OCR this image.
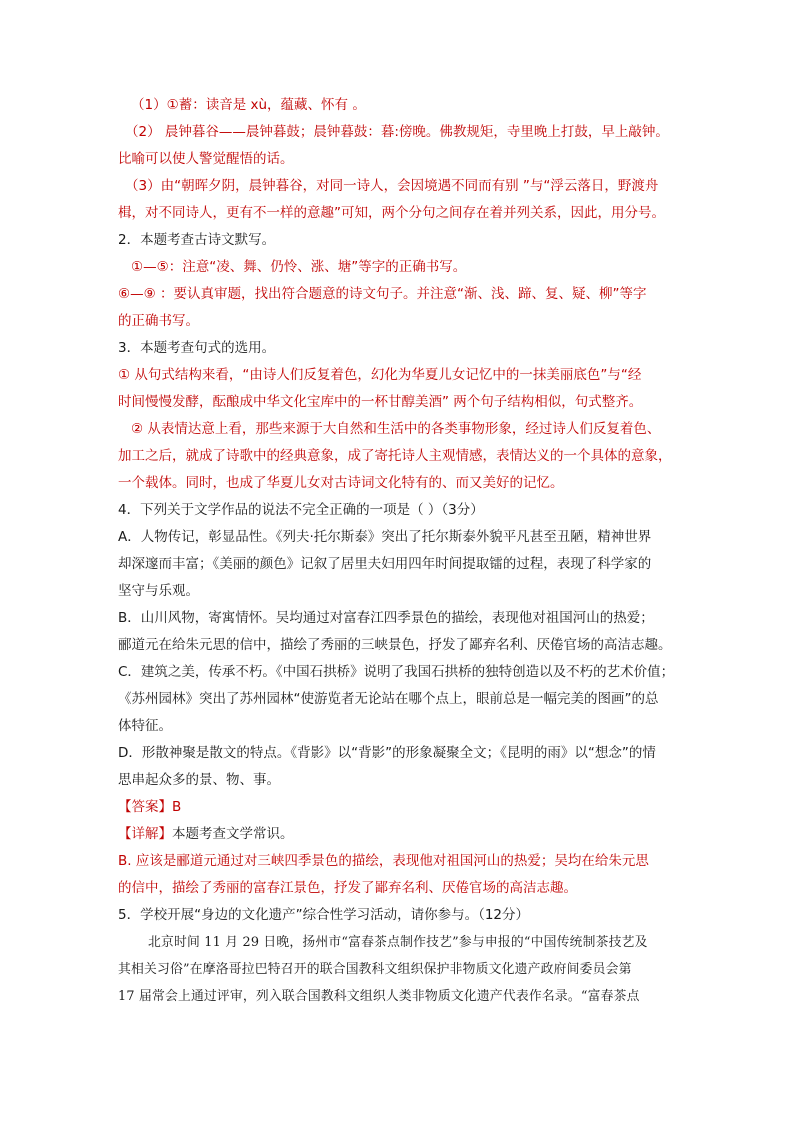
（1）①蓄：读音是 xù，蕴藏、怀有 。
（2） 晨钟暮谷——晨钟暮鼓；晨钟暮鼓：暮:傍晚。佛教规矩，寺里晚上打鼓，早上敲钟。
比喻可以使人警觉醒悟的话。
（3）由“朝晖夕阴，晨钟暮谷，对同一诗人，会因境遇不同而有别 ”与“浮云落日，野渡舟
楫，对不同诗人，更有不一样的意趣”可知，两个分句之间存在着并列关系，因此，用分号。
2．本题考查古诗文默写。
①—⑤：注意“凌、舞、仍怜、涨、塘”等字的正确书写。
⑥—⑨ ：要认真审题，找出符合题意的诗文句子。并注意“渐、浅、蹄、复、疑、柳”等字
的正确书写。
3．本题考查句式的选用。
① 从句式结构来看，“由诗人们反复着色，幻化为华夏儿女记忆中的一抹美丽底色”与“经
时间慢慢发酵，酝酿成中华文化宝库中的一杯甘醇美酒” 两个句子结构相似，句式整齐。
② 从表情达意上看，那些来源于大自然和生活中的各类事物形象，经过诗人们反复着色、
加工之后，就成了诗歌中的经典意象，成了寄托诗人主观情感，表情达义的一个具体的意象，
一个载体。同时，也成了华夏儿女对古诗词文化特有的、而又美好的记忆。
4．下列关于文学作品的说法不完全正确的一项是（ ）（3分）
A．人物传记，彰显品性。《列夫·托尔斯泰》突出了托尔斯泰外貌平凡甚至丑陋，精神世界
却深邃而丰富；《美丽的颜色》记叙了居里夫妇用四年时间提取镭的过程，表现了科学家的
坚守与乐观。
B．山川风物，寄寓情怀。吴均通过对富春江四季景色的描绘，表现他对祖国河山的热爱；
郦道元在给朱元思的信中，描绘了秀丽的三峡景色，抒发了鄙弃名利、厌倦官场的高洁志趣。
C．建筑之美，传承不朽。《中国石拱桥》说明了我国石拱桥的独特创造以及不朽的艺术价值；
《苏州园林》突出了苏州园林“使游览者无论站在哪个点上，眼前总是一幅完美的图画”的总
体特征。
D．形散神聚是散文的特点。《背影》以“背影”的形象凝聚全文；《昆明的雨》以“想念”的情
思串起众多的景、物、事。
【答案】B
【详解】本题考查文学常识。
B. 应该是郦道元通过对三峡四季景色的描绘，表现他对祖国河山的热爱；吴均在给朱元思
的信中，描绘了秀丽的富春江景色，抒发了鄙弃名利、厌倦官场的高洁志趣。
5．学校开展“身边的文化遗产”综合性学习活动，请你参与。（12分）
北京时间 11 月 29 日晚，扬州市“富春茶点制作技艺”参与申报的“中国传统制茶技艺及
其相关习俗”在摩洛哥拉巴特召开的联合国教科文组织保护非物质文化遗产政府间委员会第
17 届常会上通过评审，列入联合国教科文组织人类非物质文化遗产代表作名录。“富春茶点
